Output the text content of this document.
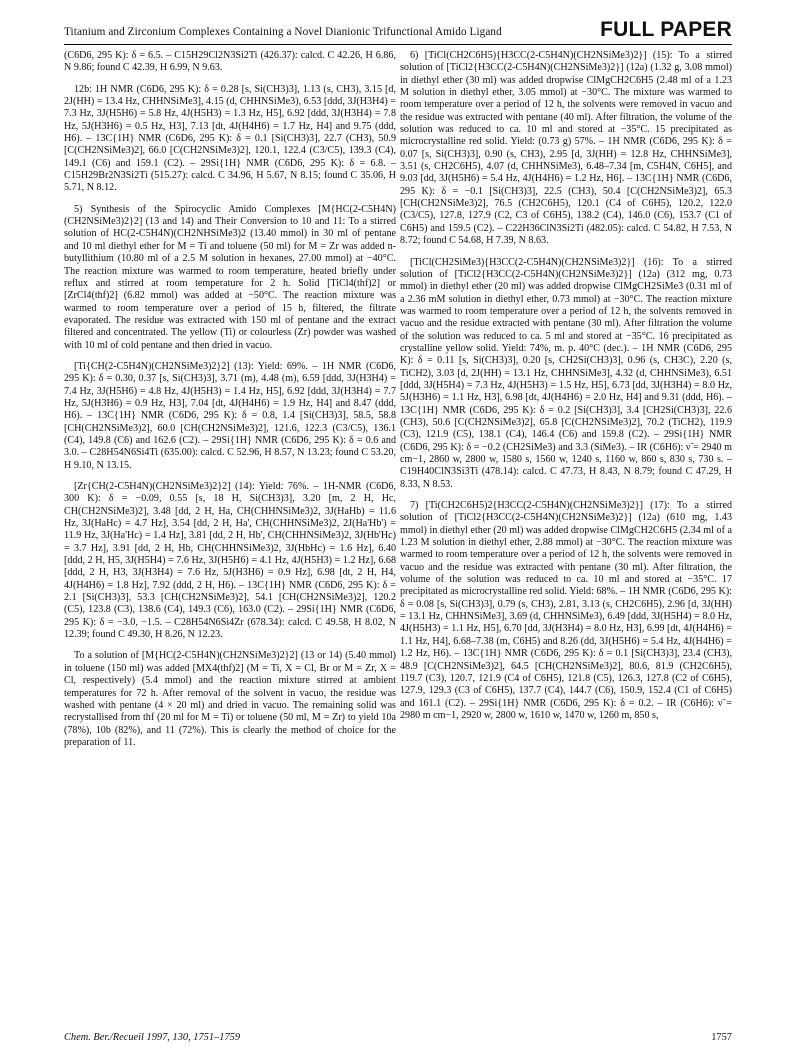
Titanium and Zirconium Complexes Containing a Novel Dianionic Trifunctional Amido Ligand	FULL PAPER

(C6D6, 295 K): δ = 6.5. – C15H29Cl2N3Si2Ti (426.37): calcd. C 42.26, H 6.86, N 9.86; found C 42.39, H 6.99, N 9.63.

12b: 1H NMR (C6D6, 295 K): δ = 0.28 [s, Si(CH3)3], 1.13 (s, CH3), 3.15 [d, 2J(HH) = 13.4 Hz, CHHNSiMe3], 4.15 (d, CHHNSiMe3), 6.53 [ddd, 3J(H3H4) = 7.3 Hz, 3J(H5H6) = 5.8 Hz, 4J(H5H3) = 1.3 Hz, H5], 6.92 [ddd, 3J(H3H4) = 7.8 Hz, 5J(H3H6) = 0.5 Hz, H3], 7.13 [dt, 4J(H4H6) = 1.7 Hz, H4] and 9.75 (ddd, H6). – 13C{1H} NMR (C6D6, 295 K): δ = 0.1 [Si(CH3)3], 22.7 (CH3), 50.9 [C(CH2NSiMe3)2], 66.0 [C(CH2NSiMe3)2], 120.1, 122.4 (C3/C5), 139.3 (C4), 149.1 (C6) and 159.1 (C2). – 29Si{1H} NMR (C6D6, 295 K): δ = 6.8. – C15H29Br2N3Si2Ti (515.27): calcd. C 34.96, H 5.67, N 8.15; found C 35.06, H 5.71, N 8.12.

5) Synthesis of the Spirocyclic Amido Complexes [M{HC(2-C5H4N)(CH2NSiMe3)2}2] (13 and 14) and Their Conversion to 10 and 11: To a stirred solution of HC(2-C5H4N)(CH2NHSiMe3)2 (13.40 mmol) in 30 ml of pentane and 10 ml diethyl ether for M = Ti and toluene (50 ml) for M = Zr was added n-butyllithium (10.80 ml of a 2.5 M solution in hexanes, 27.00 mmol) at −40°C. The reaction mixture was warmed to room temperature, heated briefly under reflux and stirred at room temperature for 2 h. Solid [TiCl4(thf)2] or [ZrCl4(thf)2] (6.82 mmol) was added at −50°C. The reaction mixture was warmed to room temperature over a period of 15 h, filtered, the filtrate evaporated. The residue was extracted with 150 ml of pentane and the extract filtered and concentrated. The yellow (Ti) or colourless (Zr) powder was washed with 10 ml of cold pentane and then dried in vacuo.

[Ti{CH(2-C5H4N)(CH2NSiMe3)2}2] (13): Yield: 69%. – 1H NMR (C6D6, 295 K): δ = 0.30, 0.37 [s, Si(CH3)3], 3.71 (m), 4.48 (m), 6.59 [ddd, 3J(H3H4) = 7.4 Hz, 3J(H5H6) = 4.8 Hz, 4J(H5H3) = 1.4 Hz, H5], 6.92 [ddd, 3J(H3H4) = 7.7 Hz, 5J(H3H6) = 0.9 Hz, H3], 7.04 [dt, 4J(H4H6) = 1.9 Hz, H4] and 8.47 (ddd, H6). – 13C{1H} NMR (C6D6, 295 K): δ = 0.8, 1.4 [Si(CH3)3], 58.5, 58.8 [CH(CH2NSiMe3)2], 60.0 [CH(CH2NSiMe3)2], 121.6, 122.3 (C3/C5), 136.1 (C4), 149.8 (C6) and 162.6 (C2). – 29Si{1H} NMR (C6D6, 295 K): δ = 0.6 and 3.0. – C28H54N6Si4Ti (635.00): calcd. C 52.96, H 8.57, N 13.23; found C 53.20, H 9.10, N 13.15.

[Zr{CH(2-C5H4N)(CH2NSiMe3)2}2] (14): Yield: 76%. – 1H-NMR (C6D6, 300 K): δ = −0.09, 0.55 [s, 18 H, Si(CH3)3], 3.20 [m, 2 H, Hc, CH(CH2NSiMe3)2], 3.48 [dd, 2 H, Ha, CH(CHHNSiMe3)2, 3J(HaHb) = 11.6 Hz, 3J(HaHc) = 4.7 Hz], 3.54 [dd, 2 H, Ha', CH(CHHNSiMe3)2, 2J(Ha'Hb') = 11.9 Hz, 3J(Ha'Hc) = 1.4 Hz], 3.81 [dd, 2 H, Hb', CH(CHHNSiMe3)2, 3J(Hb'Hc) = 3.7 Hz], 3.91 [dd, 2 H, Hb, CH(CHHNSiMe3)2, 3J(HbHc) = 1.6 Hz], 6.40 [ddd, 2 H, H5, 3J(H5H4) = 7.6 Hz, 3J(H5H6) = 4.1 Hz, 4J(H5H3) = 1.2 Hz], 6.68 [ddd, 2 H, H3, 3J(H3H4) = 7.6 Hz, 5J(H3H6) = 0.9 Hz], 6.98 [dt, 2 H, H4, 4J(H4H6) = 1.8 Hz], 7.92 (ddd, 2 H, H6). – 13C{1H} NMR (C6D6, 295 K): δ = 2.1 [Si(CH3)3], 53.3 [CH(CH2NSiMe3)2], 54.1 [CH(CH2NSiMe3)2], 120.2 (C5), 123.8 (C3), 138.6 (C4), 149.3 (C6), 163.0 (C2). – 29Si{1H} NMR (C6D6, 295 K): δ = −3.0, −1.5. – C28H54N6Si4Zr (678.34): calcd. C 49.58, H 8.02, N 12.39; found C 49.30, H 8.26, N 12.23.

To a solution of [M{HC(2-C5H4N)(CH2NSiMe3)2}2] (13 or 14) (5.40 mmol) in toluene (150 ml) was added [MX4(thf)2] (M = Ti, X = Cl, Br or M = Zr, X = Cl, respectively) (5.4 mmol) and the reaction mixture stirred at ambient temperatures for 72 h. After removal of the solvent in vacuo, the residue was washed with pentane (4 × 20 ml) and dried in vacuo. The remaining solid was recrystallised from thf (20 ml for M = Ti) or toluene (50 ml, M = Zr) to yield 10a (78%), 10b (82%), and 11 (72%). This is clearly the method of choice for the preparation of 11.

6) [TiCl(CH2C6H5){H3CC(2-C5H4N)(CH2NSiMe3)2}] (15): To a stirred solution of [TiCl2{H3CC(2-C5H4N)(CH2NSiMe3)2}] (12a) (1.32 g, 3.08 mmol) in diethyl ether (30 ml) was added dropwise ClMgCH2C6H5 (2.48 ml of a 1.23 M solution in diethyl ether, 3.05 mmol) at −30°C. The mixture was warmed to room temperature over a period of 12 h, the solvents were removed in vacuo and the residue was extracted with pentane (40 ml). After filtration, the volume of the solution was reduced to ca. 10 ml and stored at −35°C. 15 precipitated as microcrystalline red solid. Yield: (0.73 g) 57%. – 1H NMR (C6D6, 295 K): δ = 0.07 [s, Si(CH3)3], 0.90 (s, CH3), 2.95 [d, 3J(HH) = 12.8 Hz, CHHNSiMe3], 3.51 (s, CH2C6H5), 4.07 (d, CHHNSiMe3), 6.48–7.34 [m, C5H4N, C6H5], and 9.03 [dd, 3J(H5H6) = 5.4 Hz, 4J(H4H6) = 1.2 Hz, H6]. – 13C{1H} NMR (C6D6, 295 K): δ = −0.1 [Si(CH3)3], 22.5 (CH3), 50.4 [C(CH2NSiMe3)2], 65.3 [CH(CH2NSiMe3)2], 76.5 (CH2C6H5), 120.1 (C4 of C6H5), 120.2, 122.0 (C3/C5), 127.8, 127.9 (C2, C3 of C6H5), 138.2 (C4), 146.0 (C6), 153.7 (C1 of C6H5) and 159.5 (C2). – C22H36ClN3Si2Ti (482.05): calcd. C 54.82, H 7.53, N 8.72; found C 54.68, H 7.39, N 8.63.

[TiCl(CH2SiMe3){H3CC(2-C5H4N)(CH2NSiMe3)2}] (16): To a stirred solution of [TiCl2{H3CC(2-C5H4N)(CH2NSiMe3)2}] (12a) (312 mg, 0.73 mmol) in diethyl ether (20 ml) was added dropwise ClMgCH2SiMe3 (0.31 ml of a 2.36 mM solution in diethyl ether, 0.73 mmol) at −30°C. The reaction mixture was warmed to room temperature over a period of 12 h, the solvents removed in vacuo and the residue extracted with pentane (30 ml). After filtration the volume of the solution was reduced to ca. 5 ml and stored at −35°C. 16 precipitated as crystalline yellow solid. Yield: 74%, m. p. 40°C (dec.). – 1H NMR (C6D6, 295 K): δ = 0.11 [s, Si(CH3)3], 0.20 [s, CH2Si(CH3)3], 0.96 (s, CH3C), 2.20 (s, TiCH2), 3.03 [d, 2J(HH) = 13.1 Hz, CHHNSiMe3], 4.32 (d, CHHNSiMe3), 6.51 [ddd, 3J(H5H4) = 7.3 Hz, 4J(H5H3) = 1.5 Hz, H5], 6.73 [dd, 3J(H3H4) = 8.0 Hz, 5J(H3H6) = 1.1 Hz, H3], 6.98 [dt, 4J(H4H6) = 2.0 Hz, H4] and 9.31 (ddd, H6). – 13C{1H} NMR (C6D6, 295 K): δ = 0.2 [Si(CH3)3], 3.4 [CH2Si(CH3)3], 22.6 (CH3), 50.6 [C(CH2NSiMe3)2], 65.8 [C(CH2NSiMe3)2], 70.2 (TiCH2), 119.9 (C3), 121.9 (C5), 138.1 (C4), 146.4 (C6) and 159.8 (C2). – 29Si{1H} NMR (C6D6, 295 K): δ = −0.2 (CH2SiMe3) and 3.3 (SiMe3). – IR (C6H6): ν̃ = 2940 m cm−1, 2860 w, 2800 w, 1580 s, 1560 w, 1240 s, 1160 w, 860 s, 830 s, 730 s. – C19H40ClN3Si3Ti (478.14): calcd. C 47.73, H 8.43, N 8.79; found C 47.29, H 8.33, N 8.53.

7) [Ti(CH2C6H5)2{H3CC(2-C5H4N)(CH2NSiMe3)2}] (17): To a stirred solution of [TiCl2{H3CC(2-C5H4N)(CH2NSiMe3)2}] (12a) (610 mg, 1.43 mmol) in diethyl ether (20 ml) was added dropwise ClMgCH2C6H5 (2.34 ml of a 1.23 M solution in diethyl ether, 2.88 mmol) at −30°C. The reaction mixture was warmed to room temperature over a period of 12 h, the solvents were removed in vacuo and the residue was extracted with pentane (30 ml). After filtration, the volume of the solution was reduced to ca. 10 ml and stored at −35°C. 17 precipitated as microcrystalline red solid. Yield: 68%. – 1H NMR (C6D6, 295 K): δ = 0.08 [s, Si(CH3)3], 0.79 (s, CH3), 2.81, 3.13 (s, CH2C6H5), 2.96 [d, 3J(HH) = 13.1 Hz, CHHNSiMe3], 3.69 (d, CHHNSiMe3), 6.49 [ddd, 3J(H5H4) = 8.0 Hz, 4J(H5H3) = 1.1 Hz, H5], 6.70 [dd, 3J(H3H4) = 8.0 Hz, H3], 6.99 [dt, 4J(H4H6) = 1.1 Hz, H4], 6.68–7.38 (m, C6H5) and 8.26 (dd, 3J(H5H6) = 5.4 Hz, 4J(H4H6) = 1.2 Hz, H6). – 13C{1H} NMR (C6D6, 295 K): δ = 0.1 [Si(CH3)3], 23.4 (CH3), 48.9 [C(CH2NSiMe3)2], 64.5 [CH(CH2NSiMe3)2], 80.6, 81.9 (CH2C6H5), 119.7 (C3), 120.7, 121.9 (C4 of C6H5), 121.8 (C5), 126.3, 127.8 (C2 of C6H5), 127.9, 129.3 (C3 of C6H5), 137.7 (C4), 144.7 (C6), 150.9, 152.4 (C1 of C6H5) and 161.1 (C2). – 29Si{1H} NMR (C6D6, 295 K): δ = 0.2. – IR (C6H6): ν̃ = 2980 m cm−1, 2920 w, 2800 w, 1610 w, 1470 w, 1260 m, 850 s,

Chem. Ber./Recueil 1997, 130, 1751–1759	1757
